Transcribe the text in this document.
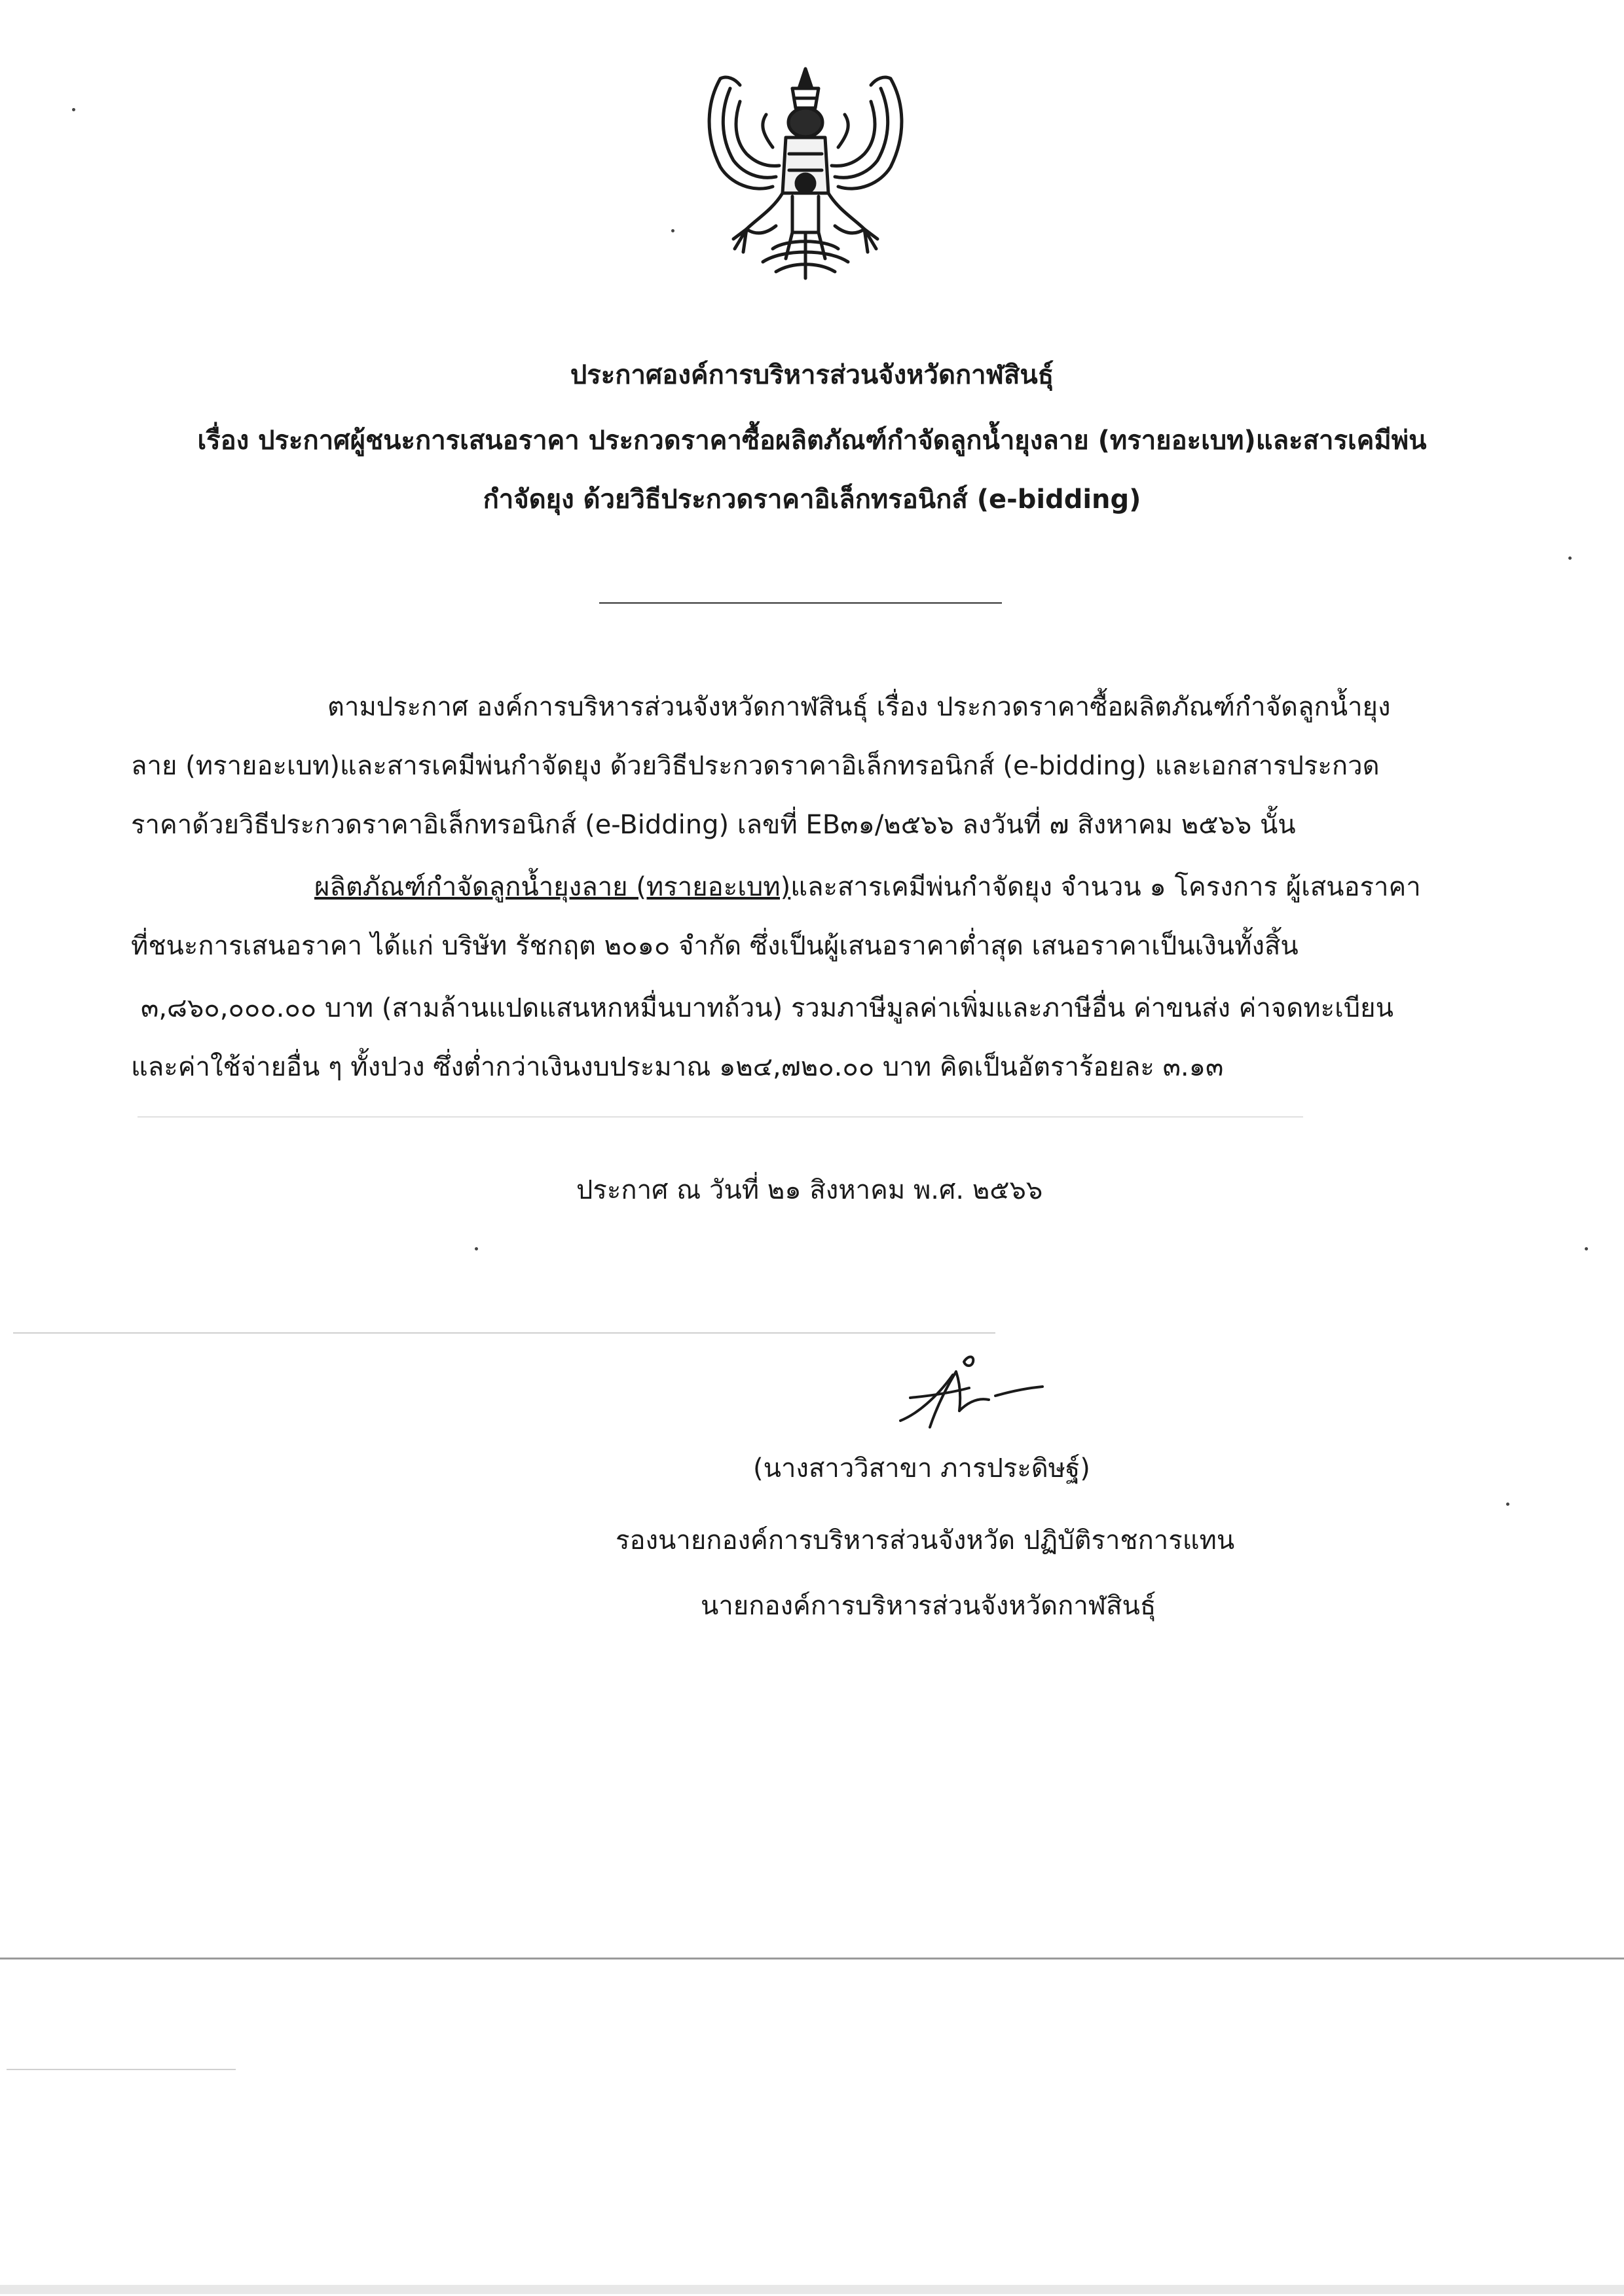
ประกาศองค์การบริหารส่วนจังหวัดกาฬสินธุ์
เรื่อง ประกาศผู้ชนะการเสนอราคา ประกวดราคาซื้อผลิตภัณฑ์กำจัดลูกน้ำยุงลาย (ทรายอะเบท)และสารเคมีพ่น
กำจัดยุง ด้วยวิธีประกวดราคาอิเล็กทรอนิกส์ (e-bidding)
ตามประกาศ องค์การบริหารส่วนจังหวัดกาฬสินธุ์ เรื่อง ประกวดราคาซื้อผลิตภัณฑ์กำจัดลูกน้ำยุง
ลาย (ทรายอะเบท)และสารเคมีพ่นกำจัดยุง ด้วยวิธีประกวดราคาอิเล็กทรอนิกส์ (e-bidding) และเอกสารประกวด
ราคาด้วยวิธีประกวดราคาอิเล็กทรอนิกส์ (e-Bidding) เลขที่ EB๓๑/๒๕๖๖ ลงวันที่ ๗ สิงหาคม ๒๕๖๖ นั้น
ผลิตภัณฑ์กำจัดลูกน้ำยุงลาย (ทรายอะเบท)และสารเคมีพ่นกำจัดยุง จำนวน ๑ โครงการ ผู้เสนอราคา
ที่ชนะการเสนอราคา ได้แก่ บริษัท รัชกฤต ๒๐๑๐ จำกัด ซึ่งเป็นผู้เสนอราคาต่ำสุด เสนอราคาเป็นเงินทั้งสิ้น
๓,๘๖๐,๐๐๐.๐๐ บาท (สามล้านแปดแสนหกหมื่นบาทถ้วน) รวมภาษีมูลค่าเพิ่มและภาษีอื่น ค่าขนส่ง ค่าจดทะเบียน
และค่าใช้จ่ายอื่น ๆ ทั้งปวง ซึ่งต่ำกว่าเงินงบประมาณ ๑๒๔,๗๒๐.๐๐ บาท คิดเป็นอัตราร้อยละ ๓.๑๓
ประกาศ ณ วันที่ ๒๑ สิงหาคม พ.ศ. ๒๕๖๖
(นางสาววิสาขา ภารประดิษฐ์)
รองนายกองค์การบริหารส่วนจังหวัด ปฏิบัติราชการแทน
นายกองค์การบริหารส่วนจังหวัดกาฬสินธุ์
